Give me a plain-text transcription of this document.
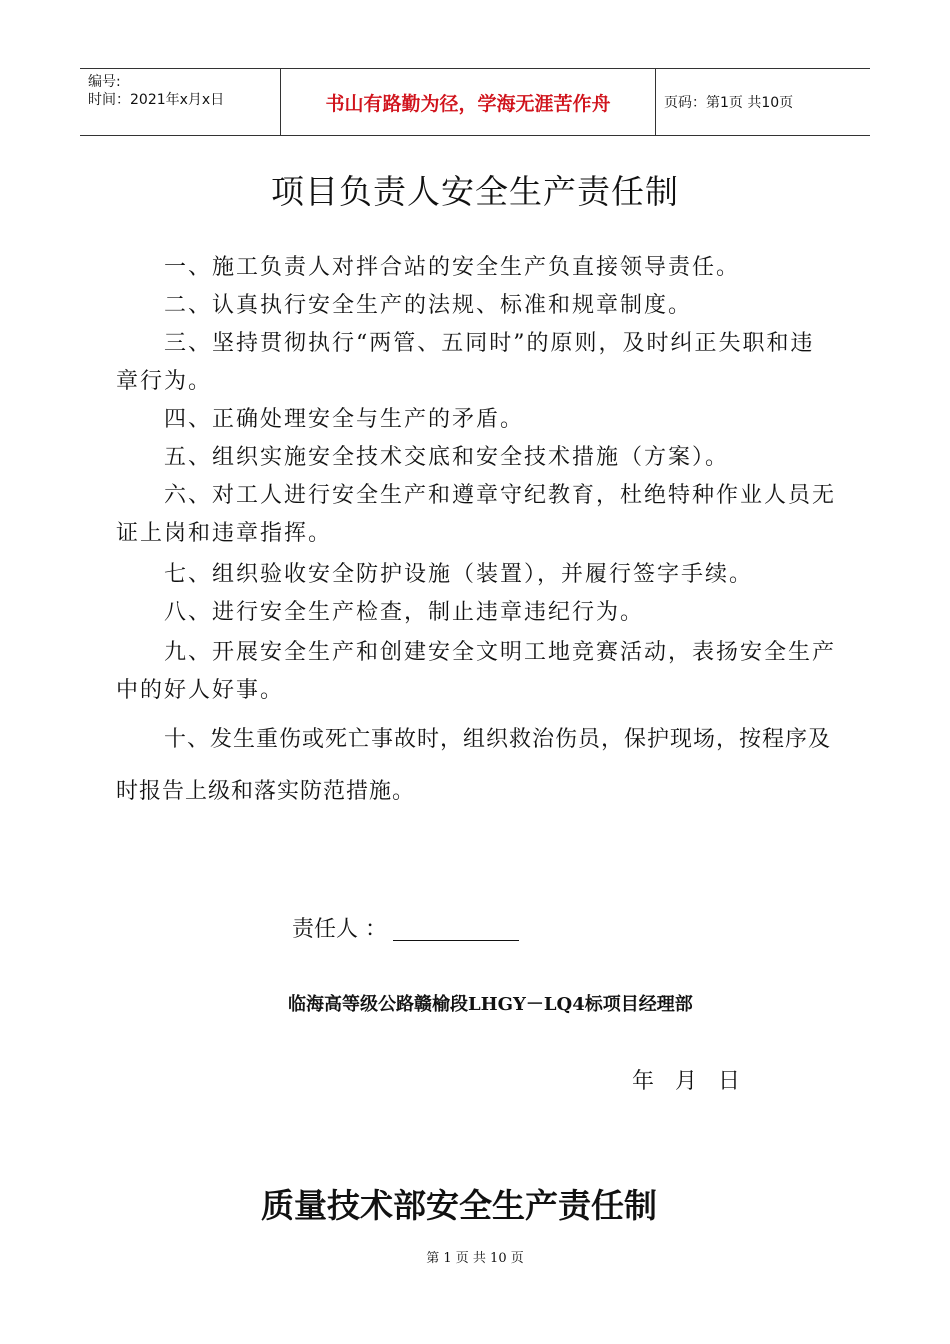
编号:
时间：2021年x月x日	书山有路勤为径，学海无涯苦作舟	页码：第1页 共10页
项目负责人安全生产责任制

一、施工负责人对拌合站的安全生产负直接领导责任。

二、认真执行安全生产的法规、标准和规章制度。

三、坚持贯彻执行“两管、五同时”的原则，及时纠正失职和违章行为。

四、正确处理安全与生产的矛盾。

五、组织实施安全技术交底和安全技术措施（方案）。

六、对工人进行安全生产和遵章守纪教育，杜绝特种作业人员无证上岗和违章指挥。

七、组织验收安全防护设施（装置），并履行签字手续。

八、进行安全生产检查，制止违章违纪行为。

九、开展安全生产和创建安全文明工地竞赛活动，表扬安全生产中的好人好事。

十、发生重伤或死亡事故时，组织救治伤员，保护现场，按程序及时报告上级和落实防范措施。

责任人 ：
临海高等级公路赣榆段LHGY－LQ4标项目经理部
年 月 日
质量技术部安全生产责任制
第 1 页 共 10 页
